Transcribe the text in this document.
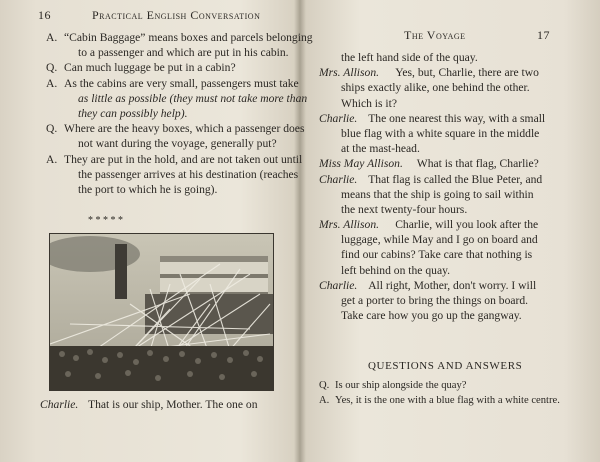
16	Practical English Conversation
A. “Cabin Baggage” means boxes and parcels belonging
to a passenger and which are put in his cabin.
Q. Can much luggage be put in a cabin?
A. As the cabins are very small, passengers must take
as little as possible (they must not take more than
they can possibly help).
Q. Where are the heavy boxes, which a passenger does
not want during the voyage, generally put?
A. They are put in the hold, and are not taken out until
the passenger arrives at his destination (reaches
the port to which he is going).
* * * * *
Charlie. That is our ship, Mother. The one on
The Voyage	17
the left hand side of the quay.
Mrs. Allison. Yes, but, Charlie, there are two
ships exactly alike, one behind the other.
Which is it?
Charlie. The one nearest this way, with a small
blue flag with a white square in the middle
at the mast-head.
Miss May Allison. What is that flag, Charlie?
Charlie. That flag is called the Blue Peter, and
means that the ship is going to sail within
the next twenty-four hours.
Mrs. Allison. Charlie, will you look after the
luggage, while May and I go on board and
find our cabins? Take care that nothing is
left behind on the quay.
Charlie. All right, Mother, don't worry. I will
get a porter to bring the things on board.
Take care how you go up the gangway.
QUESTIONS AND ANSWERS
Q. Is our ship alongside the quay?
A. Yes, it is the one with a blue flag with a white centre.
